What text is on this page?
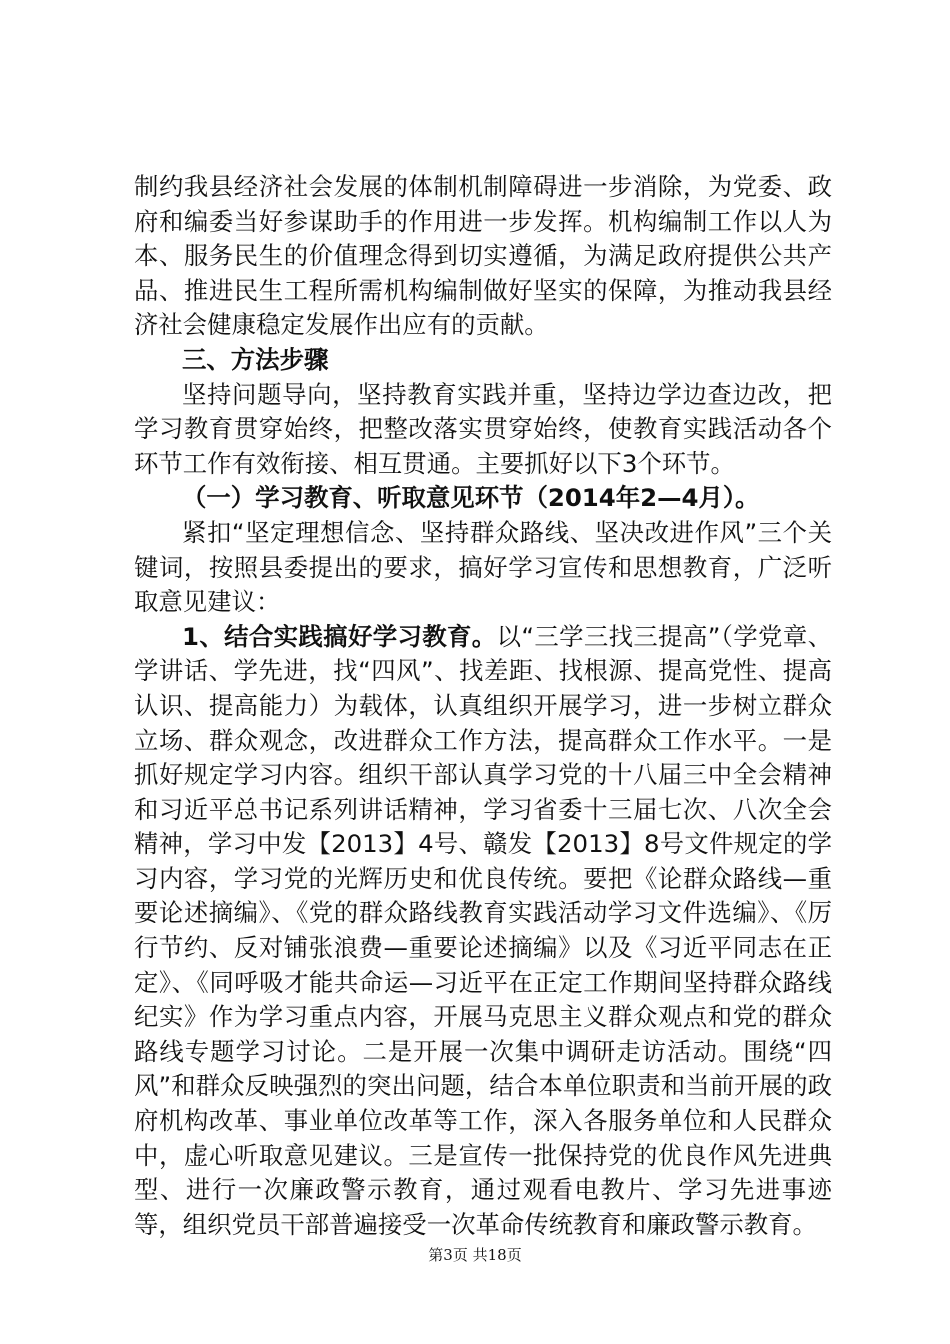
制约我县经济社会发展的体制机制障碍进一步消除，为党委、政府和编委当好参谋助手的作用进一步发挥。机构编制工作以人为本、服务民生的价值理念得到切实遵循，为满足政府提供公共产品、推进民生工程所需机构编制做好坚实的保障，为推动我县经济社会健康稳定发展作出应有的贡献。

三、方法步骤

坚持问题导向，坚持教育实践并重，坚持边学边查边改，把学习教育贯穿始终，把整改落实贯穿始终，使教育实践活动各个环节工作有效衔接、相互贯通。主要抓好以下3个环节。

（一）学习教育、听取意见环节（2014年2—4月）。

紧扣“坚定理想信念、坚持群众路线、坚决改进作风”三个关键词，按照县委提出的要求，搞好学习宣传和思想教育，广泛听取意见建议：

1、结合实践搞好学习教育。以“三学三找三提高”（学党章、学讲话、学先进，找“四风”、找差距、找根源、提高党性、提高认识、提高能力）为载体，认真组织开展学习，进一步树立群众立场、群众观念，改进群众工作方法，提高群众工作水平。一是抓好规定学习内容。组织干部认真学习党的十八届三中全会精神和习近平总书记系列讲话精神，学习省委十三届七次、八次全会精神，学习中发【2013】4号、赣发【2013】8号文件规定的学习内容，学习党的光辉历史和优良传统。要把《论群众路线—重要论述摘编》、《党的群众路线教育实践活动学习文件选编》、《厉行节约、反对铺张浪费—重要论述摘编》以及《习近平同志在正定》、《同呼吸才能共命运—习近平在正定工作期间坚持群众路线纪实》作为学习重点内容，开展马克思主义群众观点和党的群众路线专题学习讨论。二是开展一次集中调研走访活动。围绕“四风”和群众反映强烈的突出问题，结合本单位职责和当前开展的政府机构改革、事业单位改革等工作，深入各服务单位和人民群众中，虚心听取意见建议。三是宣传一批保持党的优良作风先进典型、进行一次廉政警示教育，通过观看电教片、学习先进事迹等，组织党员干部普遍接受一次革命传统教育和廉政警示教育。

第3页 共18页
